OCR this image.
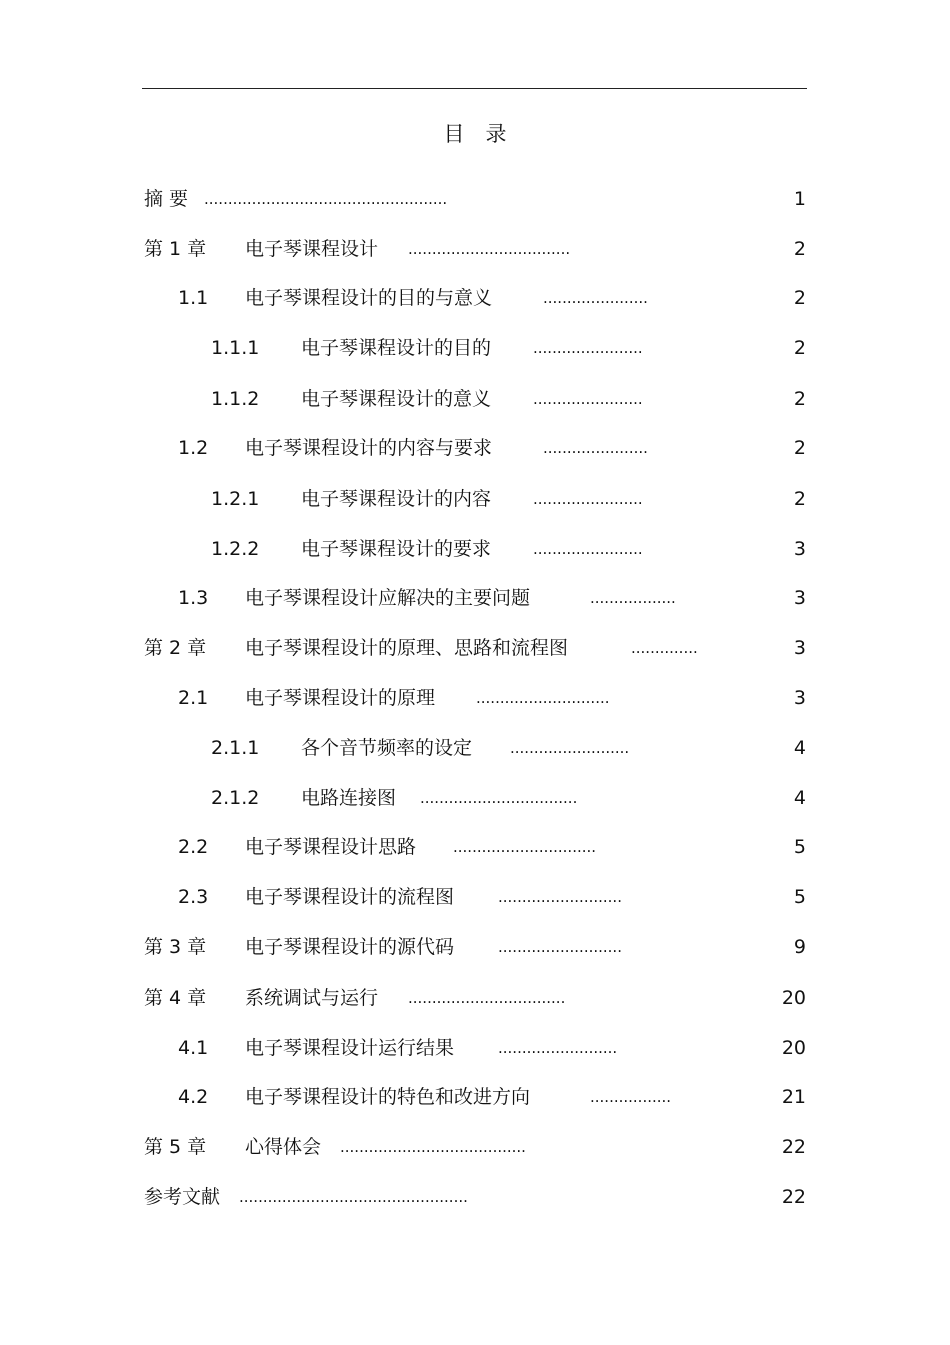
目　录
摘 要 ...................................................	1
第 1 章 电子琴课程设计 ..................................	2
1.1 电子琴课程设计的目的与意义	......................	2
1.1.1 电子琴课程设计的目的	.......................	2
1.1.2 电子琴课程设计的意义	.......................	2
1.2 电子琴课程设计的内容与要求	......................	2
1.2.1 电子琴课程设计的内容	.......................	2
1.2.2 电子琴课程设计的要求	.......................	3
1.3 电子琴课程设计应解决的主要问题	..................	3
第 2 章 电子琴课程设计的原理、思路和流程图	..............	3
2.1 电子琴课程设计的原理	............................	3
2.1.1 各个音节频率的设定	.........................	4
2.1.2 电路连接图 .................................	4
2.2 电子琴课程设计思路 ..............................	5
2.3 电子琴课程设计的流程图	..........................	5
第 3 章 电子琴课程设计的源代码	..........................	9
第 4 章 系统调试与运行 .................................	20
4.1 电子琴课程设计运行结果	.........................	20
4.2 电子琴课程设计的特色和改进方向	.................	21
第 5 章 心得体会 .......................................	22
参考文献 ................................................	22
